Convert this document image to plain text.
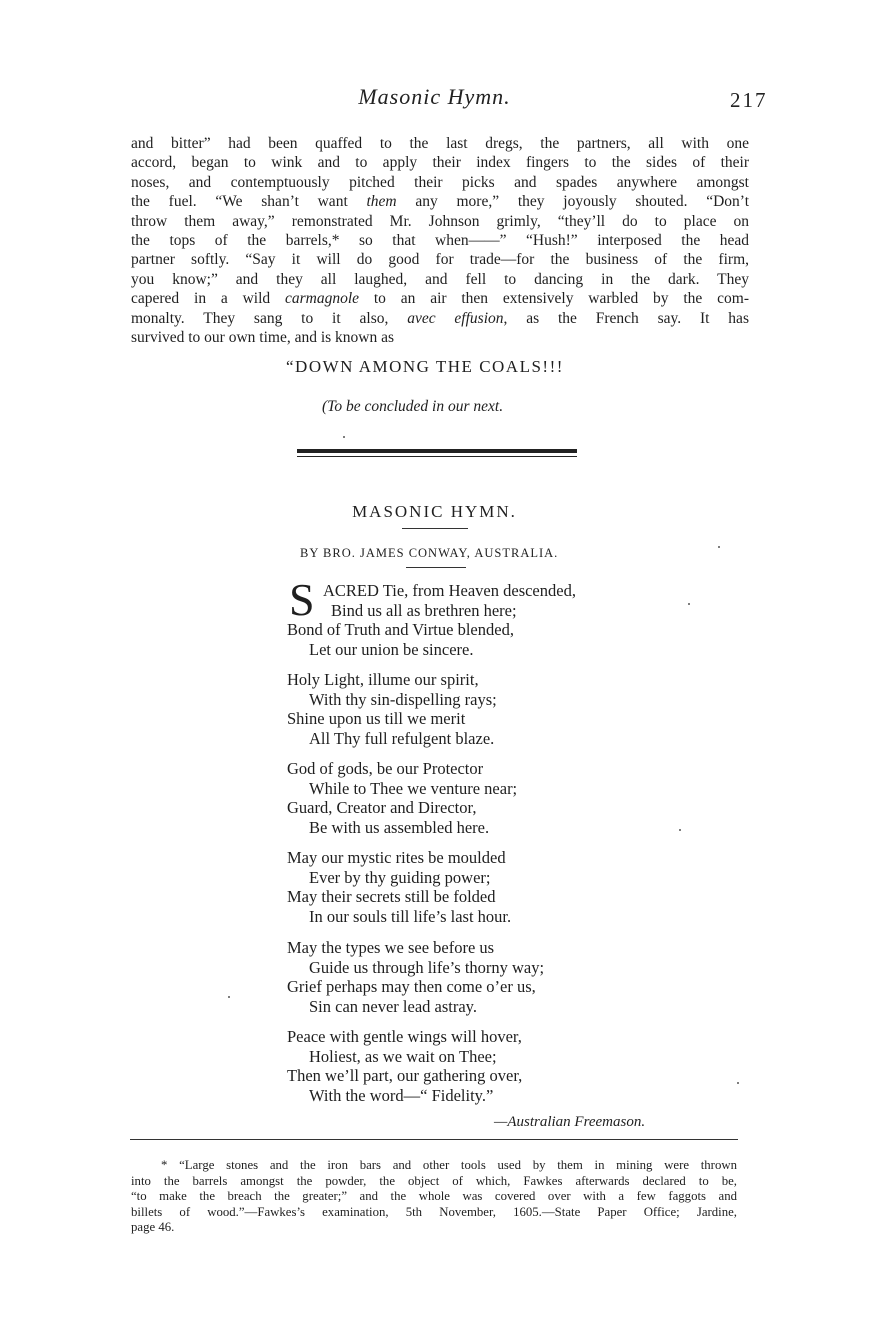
Masonic Hymn.	217
and bitter” had been quaffed to the last dregs, the partners, all with one
accord, began to wink and to apply their index fingers to the sides of their
noses, and contemptuously pitched their picks and spades anywhere amongst
the fuel. “We shan’t want them any more,” they joyously shouted. “Don’t
throw them away,” remonstrated Mr. Johnson grimly, “they’ll do to place on
the tops of the barrels,* so that when——” “Hush!” interposed the head
partner softly. “Say it will do good for trade—for the business of the firm,
you know;” and they all laughed, and fell to dancing in the dark. They
capered in a wild carmagnole to an air then extensively warbled by the com-
monalty. They sang to it also, avec effusion, as the French say. It has
survived to our own time, and is known as
“DOWN AMONG THE COALS!!!
(To be concluded in our next.
MASONIC HYMN.
BY BRO. JAMES CONWAY, AUSTRALIA.
S ACRED Tie, from Heaven descended,
Bind us all as brethren here;
Bond of Truth and Virtue blended,
Let our union be sincere.
Holy Light, illume our spirit,
With thy sin-dispelling rays;
Shine upon us till we merit
All Thy full refulgent blaze.
God of gods, be our Protector
While to Thee we venture near;
Guard, Creator and Director,
Be with us assembled here.
May our mystic rites be moulded
Ever by thy guiding power;
May their secrets still be folded
In our souls till life’s last hour.
May the types we see before us
Guide us through life’s thorny way;
Grief perhaps may then come o’er us,
Sin can never lead astray.
Peace with gentle wings will hover,
Holiest, as we wait on Thee;
Then we’ll part, our gathering over,
With the word—“ Fidelity.”
—Australian Freemason.
* “Large stones and the iron bars and other tools used by them in mining were thrown
into the barrels amongst the powder, the object of which, Fawkes afterwards declared to be,
“to make the breach the greater;” and the whole was covered over with a few faggots and
billets of wood.”—Fawkes’s examination, 5th November, 1605.—State Paper Office; Jardine,
page 46.
